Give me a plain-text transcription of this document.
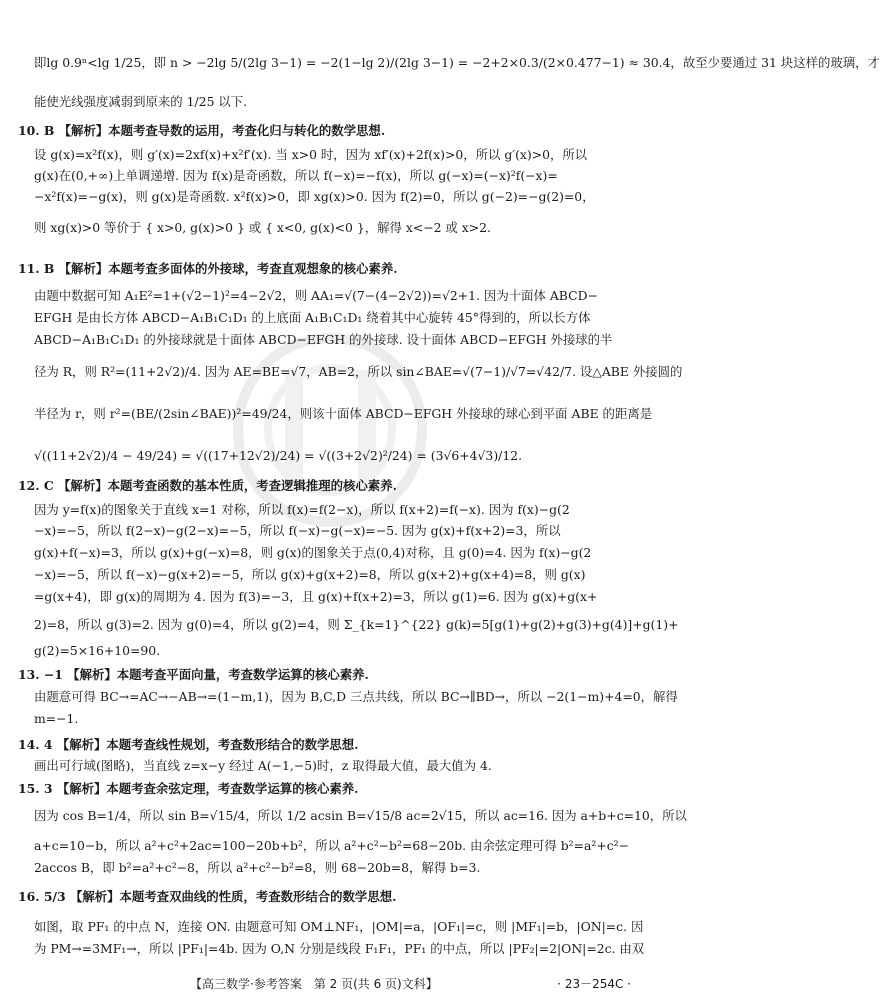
即lg 0.9ⁿ<lg 1/25，即 n > −2lg 5/(2lg 3−1) = −2(1−lg 2)/(2lg 3−1) = −2+2×0.3/(2×0.477−1) ≈ 30.4，故至少要通过 31 块这样的玻璃，才
能使光线强度减弱到原来的 1/25 以下.
10. B 【解析】本题考查导数的运用，考查化归与转化的数学思想.
设 g(x)=x²f(x)，则 g′(x)=2xf(x)+x²f′(x). 当 x>0 时，因为 xf′(x)+2f(x)>0，所以 g′(x)>0，所以
g(x)在(0,+∞)上单调递增. 因为 f(x)是奇函数，所以 f(−x)=−f(x)，所以 g(−x)=(−x)²f(−x)=
−x²f(x)=−g(x)，则 g(x)是奇函数. x²f(x)>0，即 xg(x)>0. 因为 f(2)=0，所以 g(−2)=−g(2)=0，
则 xg(x)>0 等价于 { x>0, g(x)>0 } 或 { x<0, g(x)<0 }，解得 x<−2 或 x>2.
11. B 【解析】本题考查多面体的外接球，考查直观想象的核心素养.
由题中数据可知 A₁E²=1+(√2−1)²=4−2√2，则 AA₁=√(7−(4−2√2))=√2+1. 因为十面体 ABCD−
EFGH 是由长方体 ABCD−A₁B₁C₁D₁ 的上底面 A₁B₁C₁D₁ 绕着其中心旋转 45°得到的，所以长方体
ABCD−A₁B₁C₁D₁ 的外接球就是十面体 ABCD−EFGH 的外接球. 设十面体 ABCD−EFGH 外接球的半
径为 R，则 R²=(11+2√2)/4. 因为 AE=BE=√7，AB=2，所以 sin∠BAE=√(7−1)/√7=√42/7. 设△ABE 外接圆的
半径为 r，则 r²=(BE/(2sin∠BAE))²=49/24，则该十面体 ABCD−EFGH 外接球的球心到平面 ABE 的距离是
√((11+2√2)/4 − 49/24) = √((17+12√2)/24) = √((3+2√2)²/24) = (3√6+4√3)/12.
12. C 【解析】本题考查函数的基本性质，考查逻辑推理的核心素养.
因为 y=f(x)的图象关于直线 x=1 对称，所以 f(x)=f(2−x)，所以 f(x+2)=f(−x). 因为 f(x)−g(2
−x)=−5，所以 f(2−x)−g(2−x)=−5，所以 f(−x)−g(−x)=−5. 因为 g(x)+f(x+2)=3，所以
g(x)+f(−x)=3，所以 g(x)+g(−x)=8，则 g(x)的图象关于点(0,4)对称，且 g(0)=4. 因为 f(x)−g(2
−x)=−5，所以 f(−x)−g(x+2)=−5，所以 g(x)+g(x+2)=8，所以 g(x+2)+g(x+4)=8，则 g(x)
=g(x+4)，即 g(x)的周期为 4. 因为 f(3)=−3，且 g(x)+f(x+2)=3，所以 g(1)=6. 因为 g(x)+g(x+
2)=8，所以 g(3)=2. 因为 g(0)=4，所以 g(2)=4，则 Σ_{k=1}^{22} g(k)=5[g(1)+g(2)+g(3)+g(4)]+g(1)+
g(2)=5×16+10=90.
13. −1 【解析】本题考查平面向量，考查数学运算的核心素养.
由题意可得 BC→=AC→−AB→=(1−m,1)，因为 B,C,D 三点共线，所以 BC→∥BD→，所以 −2(1−m)+4=0，解得
m=−1.
14. 4 【解析】本题考查线性规划，考查数形结合的数学思想.
画出可行域(图略)，当直线 z=x−y 经过 A(−1,−5)时，z 取得最大值，最大值为 4.
15. 3 【解析】本题考查余弦定理，考查数学运算的核心素养.
因为 cos B=1/4，所以 sin B=√15/4，所以 1/2 acsin B=√15/8 ac=2√15，所以 ac=16. 因为 a+b+c=10，所以
a+c=10−b，所以 a²+c²+2ac=100−20b+b²，所以 a²+c²−b²=68−20b. 由余弦定理可得 b²=a²+c²−
2accos B，即 b²=a²+c²−8，所以 a²+c²−b²=8，则 68−20b=8，解得 b=3.
16. 5/3 【解析】本题考查双曲线的性质，考查数形结合的数学思想.
如图，取 PF₁ 的中点 N，连接 ON. 由题意可知 OM⊥NF₁，|OM|=a，|OF₁|=c，则 |MF₁|=b，|ON|=c. 因
为 PM→=3MF₁→，所以 |PF₁|=4b. 因为 O,N 分别是线段 F₁F₁，PF₁ 的中点，所以 |PF₂|=2|ON|=2c. 由双
【高三数学·参考答案　第 2 页(共 6 页)文科】	· 23－254C ·
